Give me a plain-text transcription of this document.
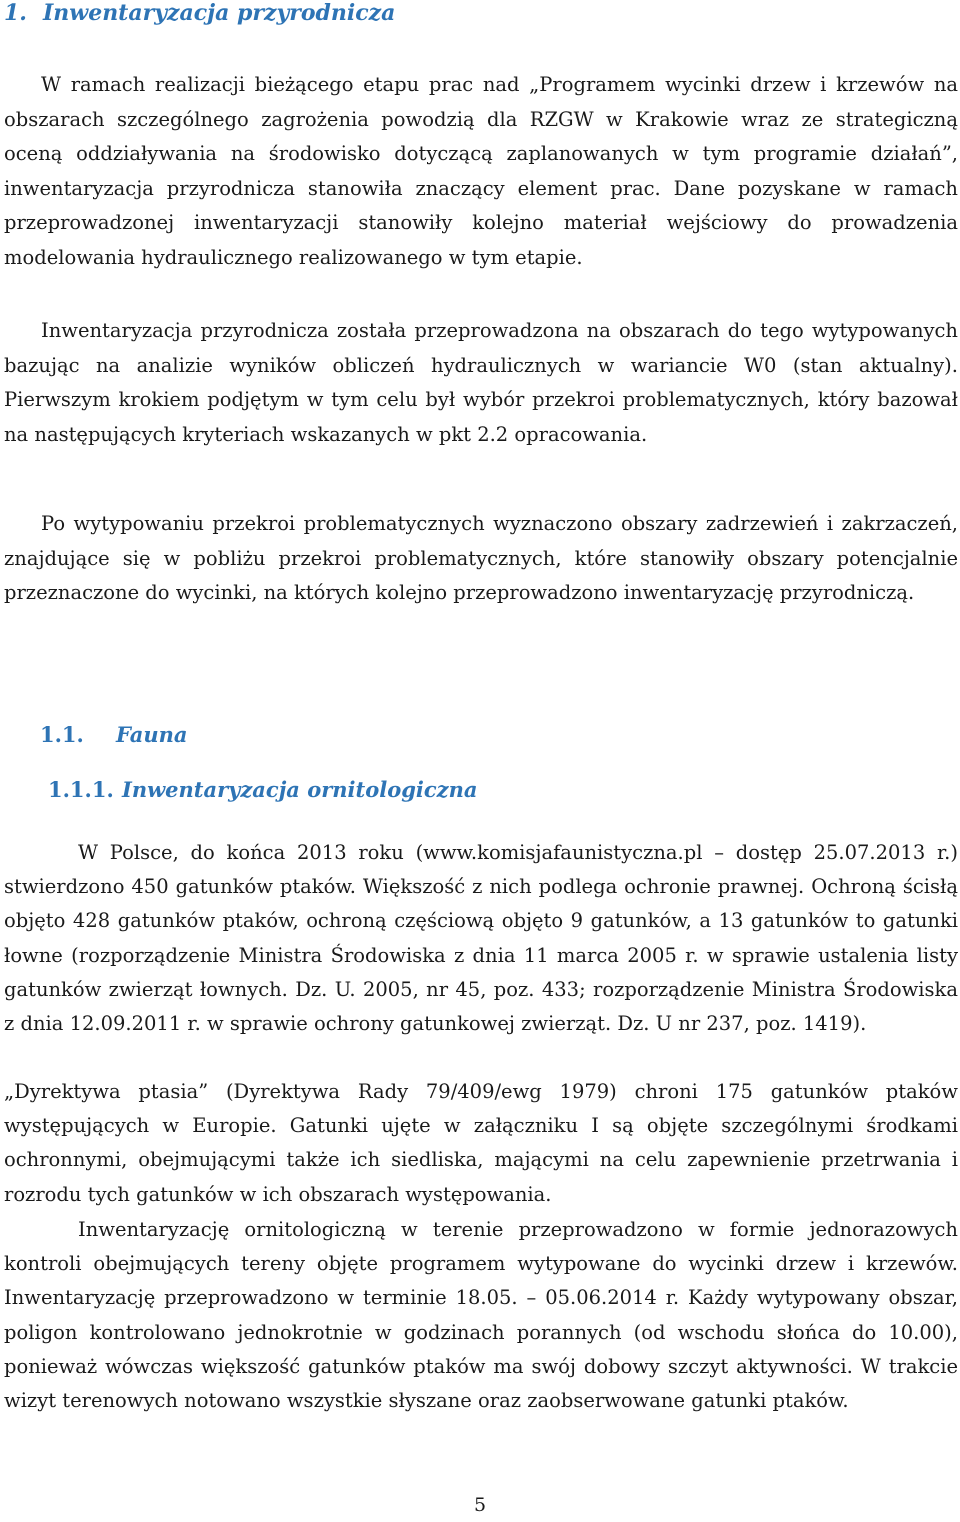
1. Inwentaryzacja przyrodnicza

W ramach realizacji bieżącego etapu prac nad „Programem wycinki drzew i krzewów na obszarach szczególnego zagrożenia powodzią dla RZGW w Krakowie wraz ze strategiczną oceną oddziaływania na środowisko dotyczącą zaplanowanych w tym programie działań”, inwentaryzacja przyrodnicza stanowiła znaczący element prac. Dane pozyskane w ramach przeprowadzonej inwentaryzacji stanowiły kolejno materiał wejściowy do prowadzenia modelowania hydraulicznego realizowanego w tym etapie.

Inwentaryzacja przyrodnicza została przeprowadzona na obszarach do tego wytypowanych bazując na analizie wyników obliczeń hydraulicznych w wariancie W0 (stan aktualny). Pierwszym krokiem podjętym w tym celu był wybór przekroi problematycznych, który bazował na następujących kryteriach wskazanych w pkt 2.2 opracowania.

Po wytypowaniu przekroi problematycznych wyznaczono obszary zadrzewień i zakrzaczeń, znajdujące się w pobliżu przekroi problematycznych, które stanowiły obszary potencjalnie przeznaczone do wycinki, na których kolejno przeprowadzono inwentaryzację przyrodniczą.

1.1. Fauna
1.1.1. Inwentaryzacja ornitologiczna

W Polsce, do końca 2013 roku (www.komisjafaunistyczna.pl – dostęp 25.07.2013 r.) stwierdzono 450 gatunków ptaków. Większość z nich podlega ochronie prawnej. Ochroną ścisłą objęto 428 gatunków ptaków, ochroną częściową objęto 9 gatunków, a 13 gatunków to gatunki łowne (rozporządzenie Ministra Środowiska z dnia 11 marca 2005 r. w sprawie ustalenia listy gatunków zwierząt łownych. Dz. U. 2005, nr 45, poz. 433; rozporządzenie Ministra Środowiska z dnia 12.09.2011 r. w sprawie ochrony gatunkowej zwierząt. Dz. U nr 237, poz. 1419).

„Dyrektywa ptasia” (Dyrektywa Rady 79/409/ewg 1979) chroni 175 gatunków ptaków występujących w Europie. Gatunki ujęte w załączniku I są objęte szczególnymi środkami ochronnymi, obejmującymi także ich siedliska, mającymi na celu zapewnienie przetrwania i rozrodu tych gatunków w ich obszarach występowania.

Inwentaryzację ornitologiczną w terenie przeprowadzono w formie jednorazowych kontroli obejmujących tereny objęte programem wytypowane do wycinki drzew i krzewów. Inwentaryzację przeprowadzono w terminie 18.05. – 05.06.2014 r. Każdy wytypowany obszar, poligon kontrolowano jednokrotnie w godzinach porannych (od wschodu słońca do 10.00), ponieważ wówczas większość gatunków ptaków ma swój dobowy szczyt aktywności. W trakcie wizyt terenowych notowano wszystkie słyszane oraz zaobserwowane gatunki ptaków.

5
